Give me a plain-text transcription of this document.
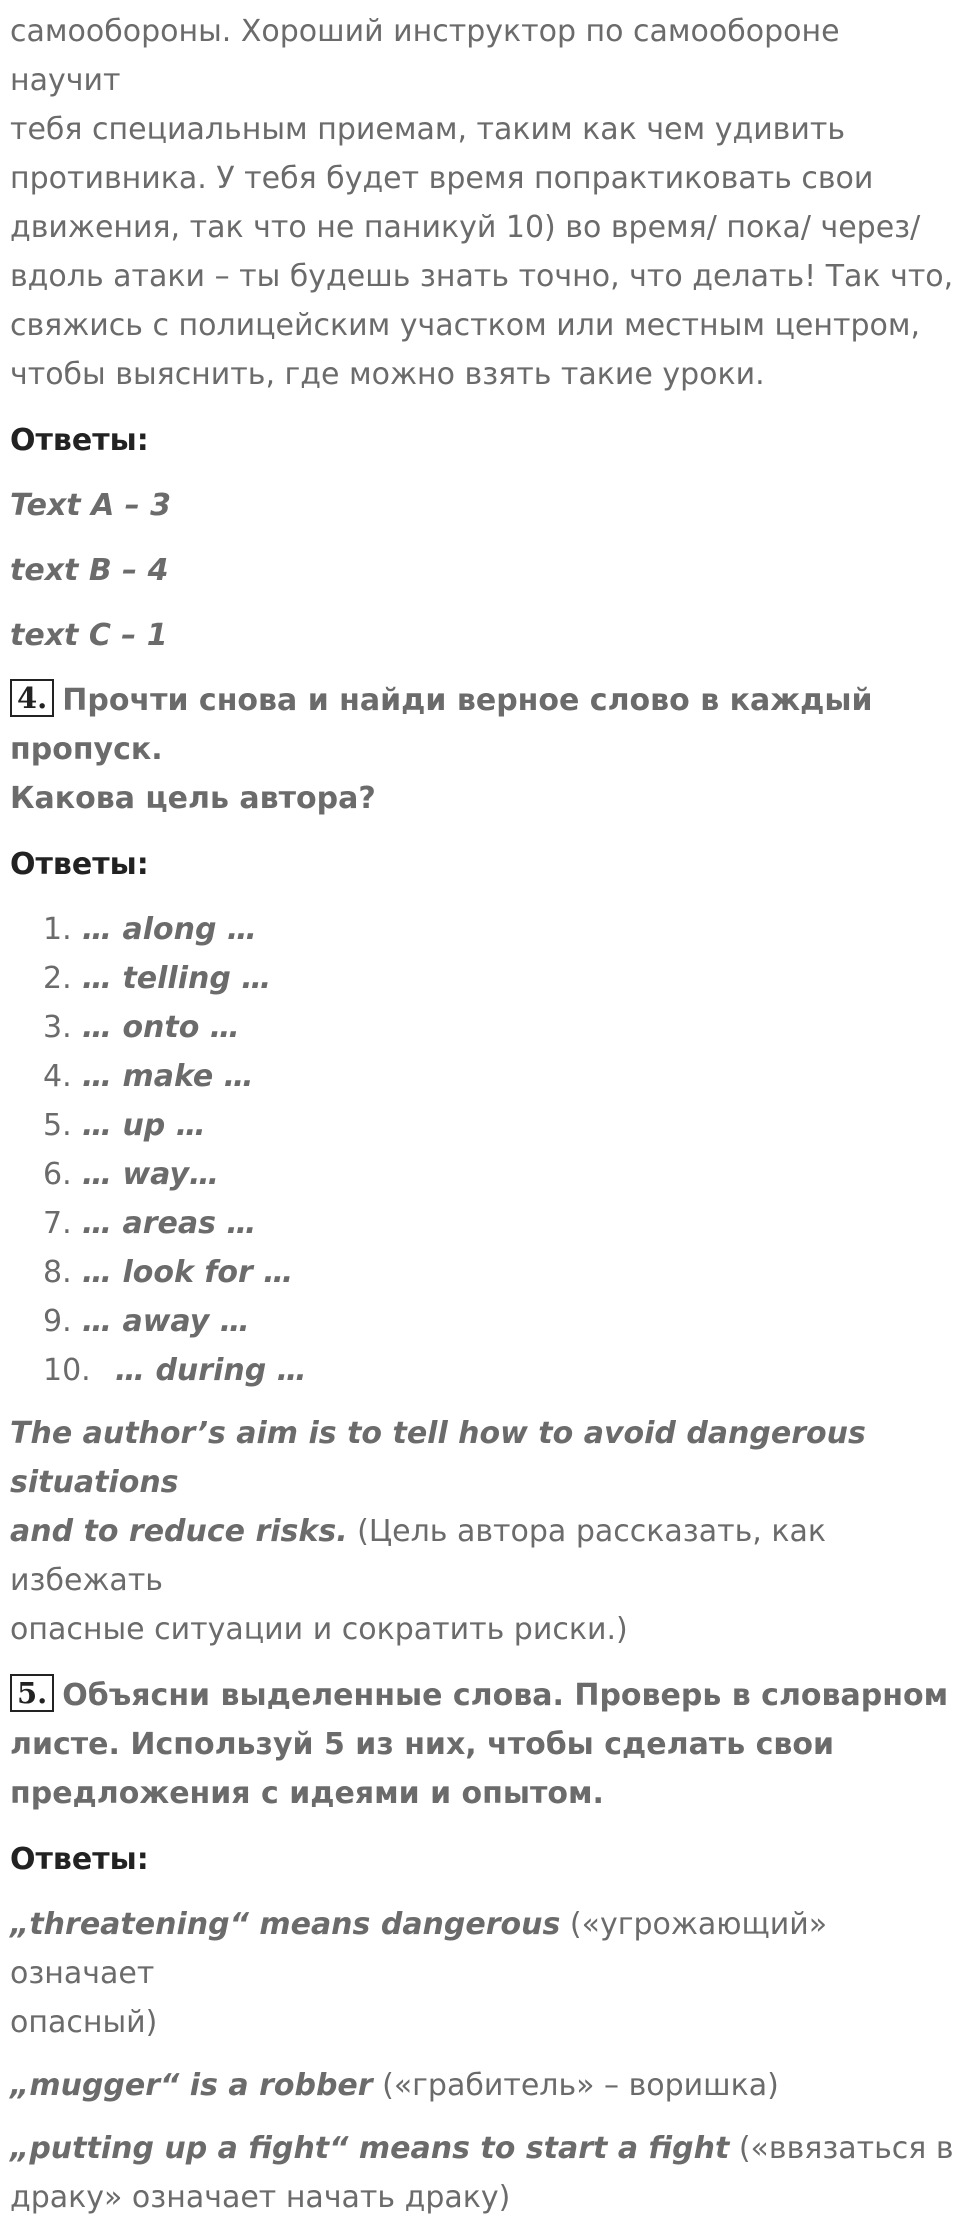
самообороны. Хороший инструктор по самообороне научит

тебя специальным приемам, таким как чем удивить

противника. У тебя будет время попрактиковать свои

движения, так что не паникуй 10) во время/ пока/ через/

вдоль атаки – ты будешь знать точно, что делать! Так что,

свяжись с полицейским участком или местным центром,

чтобы выяснить, где можно взять такие уроки.

Ответы:

Text A – 3

text B – 4

text C – 1

4. Прочти снова и найди верное слово в каждый пропуск.

Какова цель автора?

Ответы:

1. … along …
2. … telling …
3. … onto …
4. … make …
5. … up …
6. … way…
7. … areas …
8. … look for …
9. … away …
10. … during …

The author’s aim is to tell how to avoid dangerous situations

and to reduce risks. (Цель автора рассказать, как избежать

опасные ситуации и сократить риски.)

5. Объясни выделенные слова. Проверь в словарном

листе. Используй 5 из них, чтобы сделать свои

предложения с идеями и опытом.

Ответы:

„threatening“ means dangerous («угрожающий» означает

опасный)

„mugger“ is a robber («грабитель» – воришка)

„putting up a fight“ means to start a fight («ввязаться в

драку» означает начать драку)
